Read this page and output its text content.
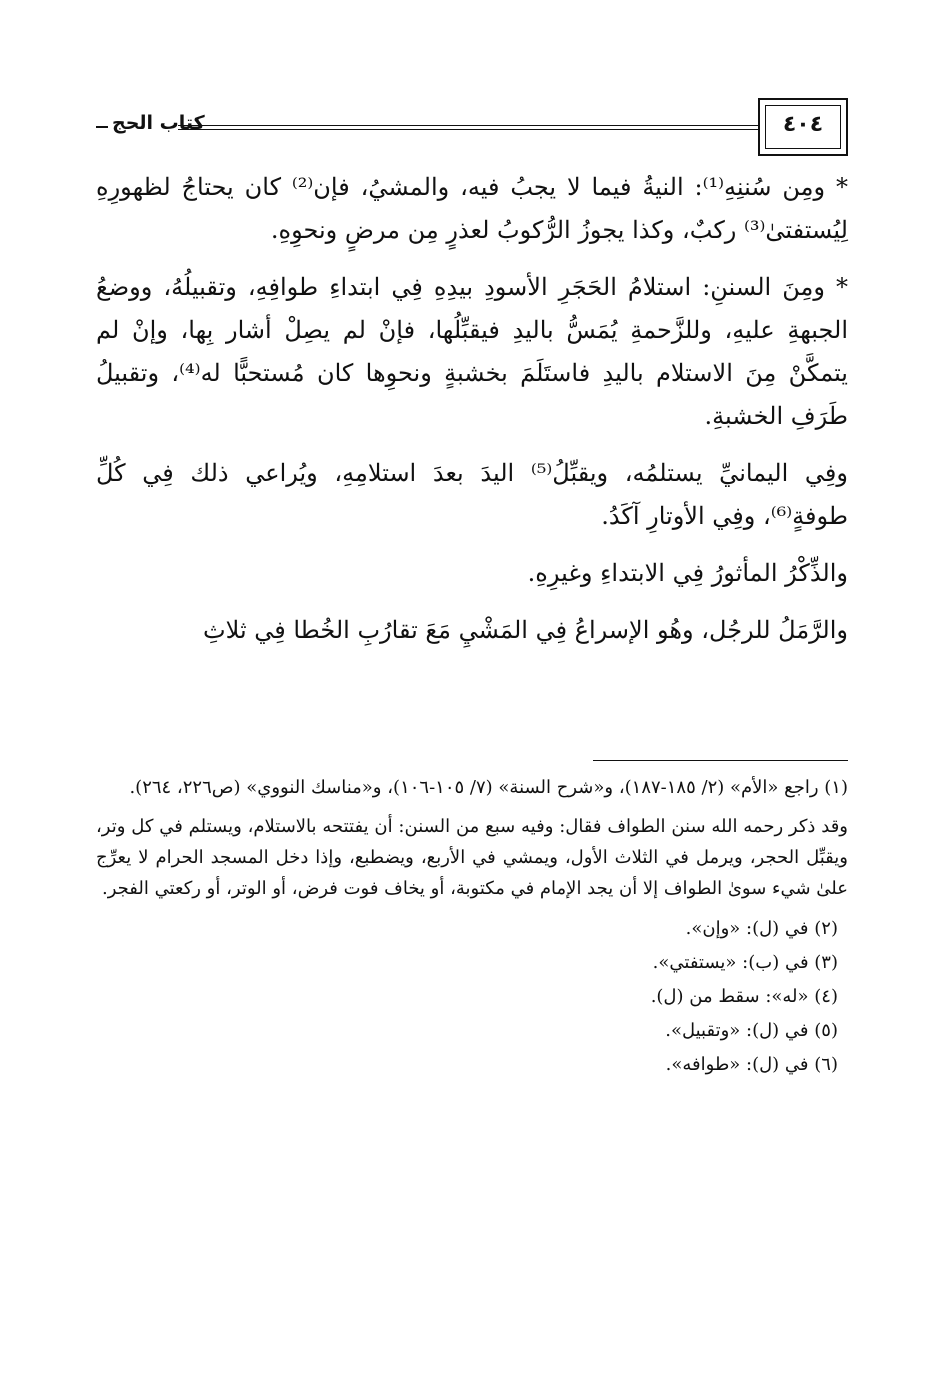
٤٠٤
كتاب الحج

* ومِن سُننِهِ⁽¹⁾: النيةُ فيما لا يجبُ فيه، والمشيُ، فإن⁽²⁾ كان يحتاجُ لظهورِهِ لِيُستفتىٰ⁽³⁾ ركبٌ، وكذا يجوزُ الرُّكوبُ لعذرٍ مِن مرضٍ ونحوِهِ.

* ومِنَ السننِ: استلامُ الحَجَرِ الأسودِ بيدِهِ فِي ابتداءِ طوافِهِ، وتقبيلُهُ، ووضعُ الجبهةِ عليهِ، وللزَّحمةِ يُمَسُّ باليدِ فيقبِّلُها، فإنْ لم يصِلْ أشار بِها، وإنْ لم يتمكَّنْ مِنَ الاستلام باليدِ فاستَلَمَ بخشبةٍ ونحوِها كان مُستحبًّا له⁽⁴⁾، وتقبيلُ طَرَفِ الخشبةِ.

وفِي اليمانيِّ يستلمُه، ويقبِّلُ⁽⁵⁾ اليدَ بعدَ استلامِهِ، ويُراعي ذلك فِي كُلِّ طوفةٍ⁽⁶⁾، وفِي الأوتارِ آكَدُ.

والذِّكْرُ المأثورُ فِي الابتداءِ وغيرِهِ.

والرَّمَلُ للرجُل، وهُو الإسراعُ فِي المَشْيِ مَعَ تقارُبِ الخُطا فِي ثلاثِ

(١) راجع «الأم» (٢/ ١٨٥-١٨٧)، و«شرح السنة» (٧/ ١٠٥-١٠٦)، و«مناسك النووي» (ص٢٢٦، ٢٦٤).

وقد ذكر رحمه الله سنن الطواف فقال: وفيه سبع من السنن: أن يفتتحه بالاستلام، ويستلم في كل وتر، ويقبِّل الحجر، ويرمل في الثلاث الأول، ويمشي في الأربع، ويضطبع، وإذا دخل المسجد الحرام لا يعرِّج علىٰ شيء سوىٰ الطواف إلا أن يجد الإمام في مكتوبة، أو يخاف فوت فرض، أو الوتر، أو ركعتي الفجر.

(٢) في (ل): «وإن».

(٣) في (ب): «يستفتي».

(٤) «له»: سقط من (ل).

(٥) في (ل): «وتقبيل».

(٦) في (ل): «طوافه».
